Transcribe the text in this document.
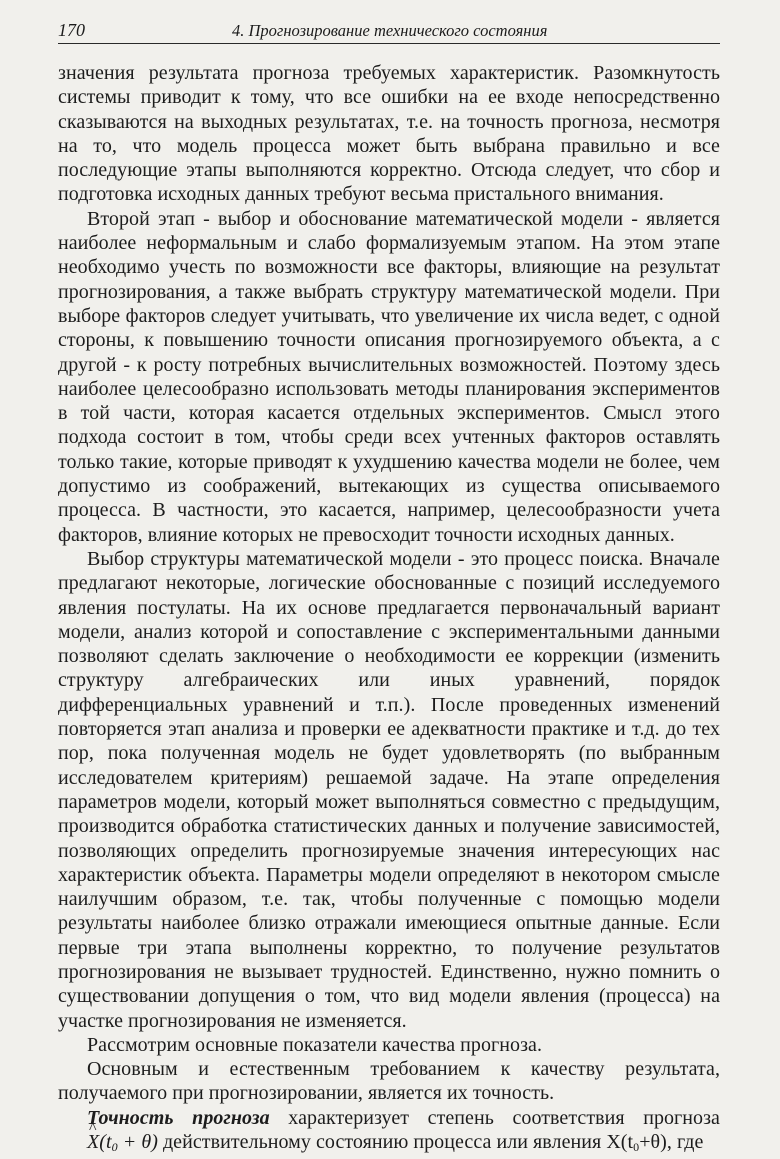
170	4. Прогнозирование технического состояния

значения результата прогноза требуемых характеристик. Разомкнутость системы приводит к тому, что все ошибки на ее входе непосредственно сказываются на выходных результатах, т.е. на точность прогноза, несмотря на то, что модель процесса может быть выбрана правильно и все последующие этапы выполняются корректно. Отсюда следует, что сбор и подготовка исходных данных требуют весьма пристального внимания.

Второй этап - выбор и обоснование математической модели - является наиболее неформальным и слабо формализуемым этапом. На этом этапе необходимо учесть по возможности все факторы, влияющие на результат прогнозирования, а также выбрать структуру математической модели. При выборе факторов следует учитывать, что увеличение их числа ведет, с одной стороны, к повышению точности описания прогнозируемого объекта, а с другой - к росту потребных вычислительных возможностей. Поэтому здесь наиболее целесообразно использовать методы планирования экспериментов в той части, которая касается отдельных экспериментов. Смысл этого подхода состоит в том, чтобы среди всех учтенных факторов оставлять только такие, которые приводят к ухудшению качества модели не более, чем допустимо из соображений, вытекающих из существа описываемого процесса. В частности, это касается, например, целесообразности учета факторов, влияние которых не превосходит точности исходных данных.

Выбор структуры математической модели - это процесс поиска. Вначале предлагают некоторые, логические обоснованные с позиций исследуемого явления постулаты. На их основе предлагается первоначальный вариант модели, анализ которой и сопоставление с экспериментальными данными позволяют сделать заключение о необходимости ее коррекции (изменить структуру алгебраических или иных уравнений, порядок дифференциальных уравнений и т.п.). После проведенных изменений повторяется этап анализа и проверки ее адекватности практике и т.д. до тех пор, пока полученная модель не будет удовлетворять (по выбранным исследователем критериям) решаемой задаче. На этапе определения параметров модели, который может выполняться совместно с предыдущим, производится обработка статистических данных и получение зависимостей, позволяющих определить прогнозируемые значения интересующих нас характеристик объекта. Параметры модели определяют в некотором смысле наилучшим образом, т.е. так, чтобы полученные с помощью модели результаты наиболее близко отражали имеющиеся опытные данные. Если первые три этапа выполнены корректно, то получение результатов прогнозирования не вызывает трудностей. Единственно, нужно помнить о существовании допущения о том, что вид модели явления (процесса) на участке прогнозирования не изменяется.

Рассмотрим основные показатели качества прогноза.

Основным и естественным требованием к качеству результата, получаемого при прогнозировании, является их точность.

Точность прогноза характеризует степень соответствия прогноза ^ $X(t_0 + \theta)$ действительному состоянию процесса или явления $X(t_0+\theta)$, где
